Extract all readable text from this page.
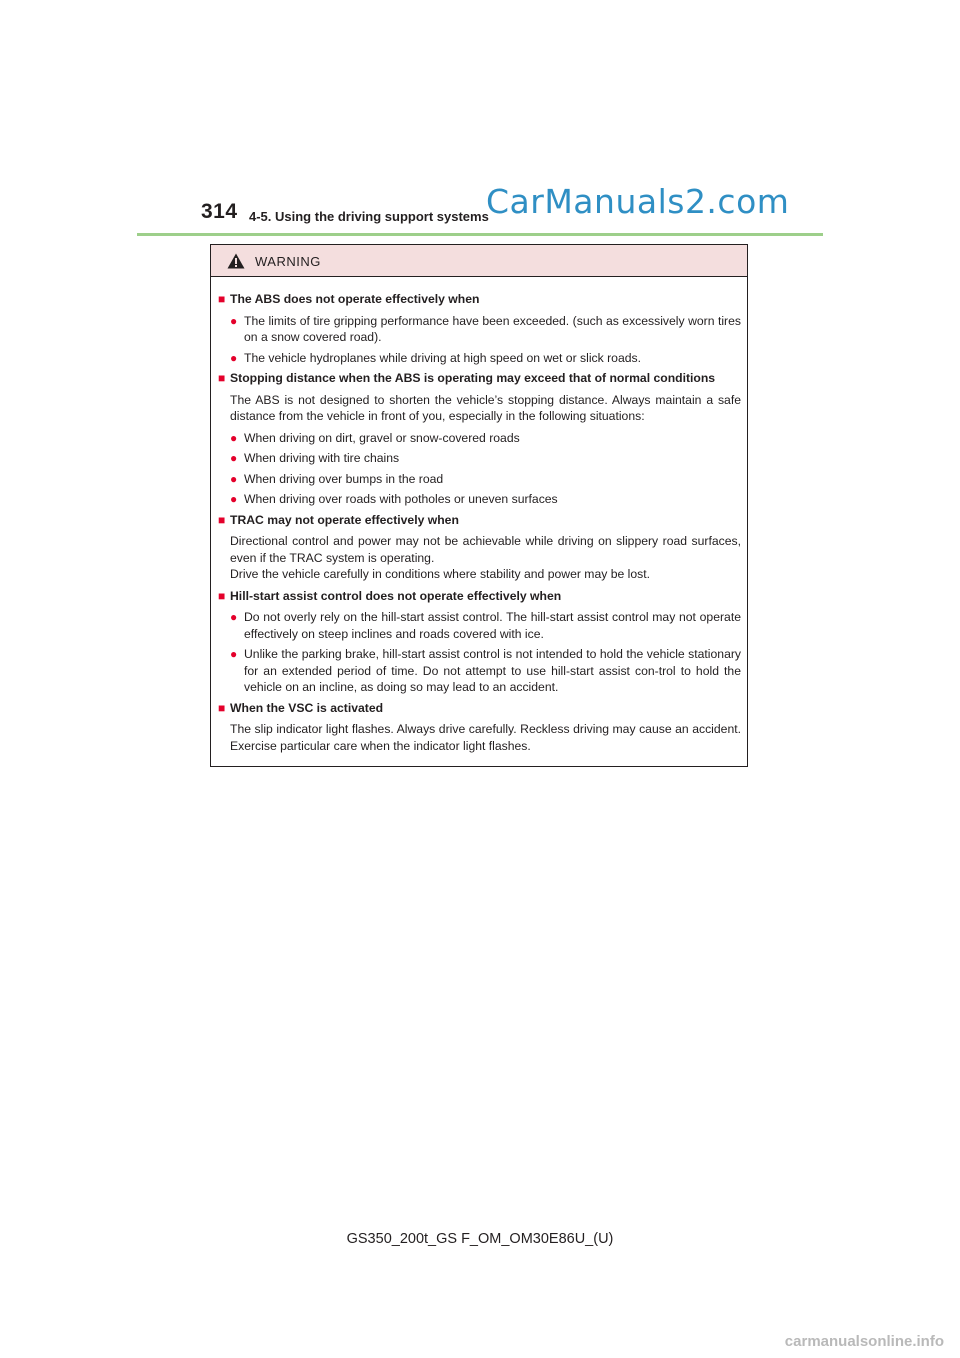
314 4-5. Using the driving support systems
CarManuals2.com
WARNING
■ The ABS does not operate effectively when
● The limits of tire gripping performance have been exceeded. (such as excessively worn tires on a snow covered road).
● The vehicle hydroplanes while driving at high speed on wet or slick roads.
■ Stopping distance when the ABS is operating may exceed that of normal conditions
The ABS is not designed to shorten the vehicle’s stopping distance. Always maintain a safe distance from the vehicle in front of you, especially in the following situations:
● When driving on dirt, gravel or snow-covered roads
● When driving with tire chains
● When driving over bumps in the road
● When driving over roads with potholes or uneven surfaces
■ TRAC may not operate effectively when
Directional control and power may not be achievable while driving on slippery road surfaces, even if the TRAC system is operating.
Drive the vehicle carefully in conditions where stability and power may be lost.
■ Hill-start assist control does not operate effectively when
● Do not overly rely on the hill-start assist control. The hill-start assist control may not operate effectively on steep inclines and roads covered with ice.
● Unlike the parking brake, hill-start assist control is not intended to hold the vehicle stationary for an extended period of time. Do not attempt to use hill-start assist con-trol to hold the vehicle on an incline, as doing so may lead to an accident.
■ When the VSC is activated
The slip indicator light flashes. Always drive carefully. Reckless driving may cause an accident. Exercise particular care when the indicator light flashes.
GS350_200t_GS F_OM_OM30E86U_(U)
carmanualsonline.info
